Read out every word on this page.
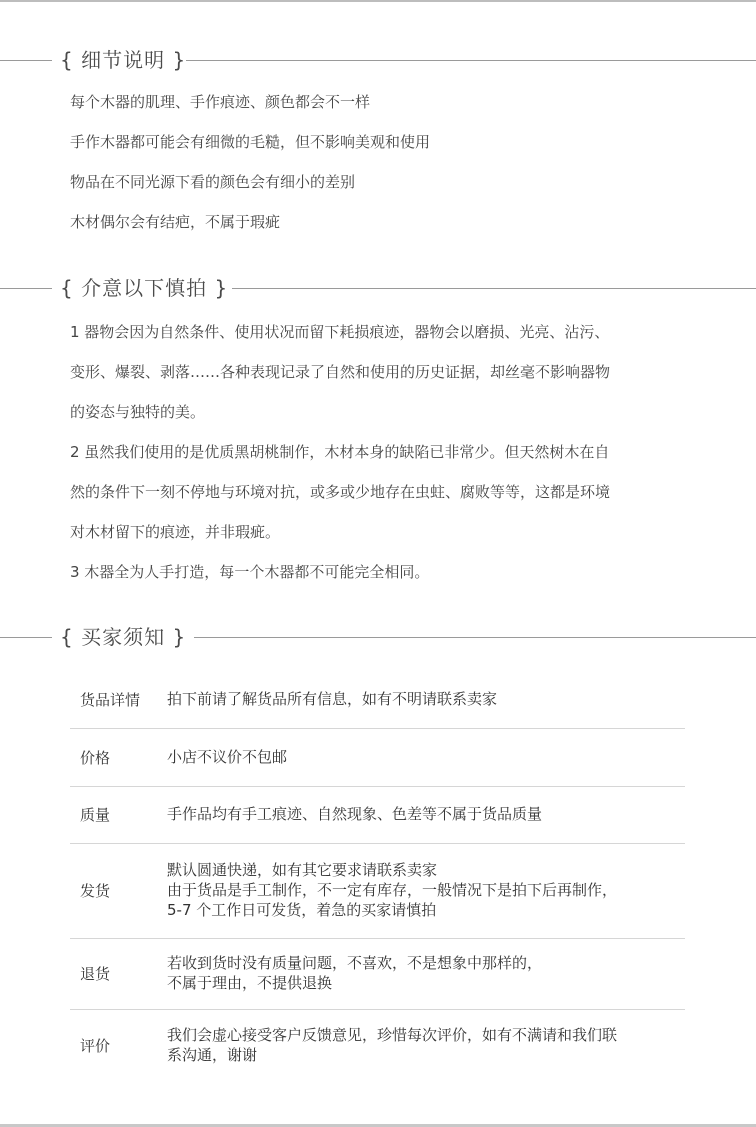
{ 细节说明 }
每个木器的肌理、手作痕迹、颜色都会不一样
手作木器都可能会有细微的毛糙，但不影响美观和使用
物品在不同光源下看的颜色会有细小的差别
木材偶尔会有结疤，不属于瑕疵
{ 介意以下慎拍 }
1 器物会因为自然条件、使用状况而留下耗损痕迹，器物会以磨损、光亮、沾污、
变形、爆裂、剥落……各种表现记录了自然和使用的历史证据，却丝毫不影响器物
的姿态与独特的美。
2 虽然我们使用的是优质黑胡桃制作，木材本身的缺陷已非常少。但天然树木在自
然的条件下一刻不停地与环境对抗，或多或少地存在虫蛀、腐败等等，这都是环境
对木材留下的痕迹，并非瑕疵。
3 木器全为人手打造，每一个木器都不可能完全相同。
{ 买家须知 }
货品详情 拍下前请了解货品所有信息，如有不明请联系卖家
价格	小店不议价不包邮
质量	手作品均有手工痕迹、自然现象、色差等不属于货品质量
发货
默认圆通快递，如有其它要求请联系卖家
由于货品是手工制作，不一定有库存，一般情况下是拍下后再制作，
5-7 个工作日可发货，着急的买家请慎拍
退货
若收到货时没有质量问题，不喜欢，不是想象中那样的，
不属于理由，不提供退换
评价
我们会虚心接受客户反馈意见，珍惜每次评价，如有不满请和我们联
系沟通，谢谢
